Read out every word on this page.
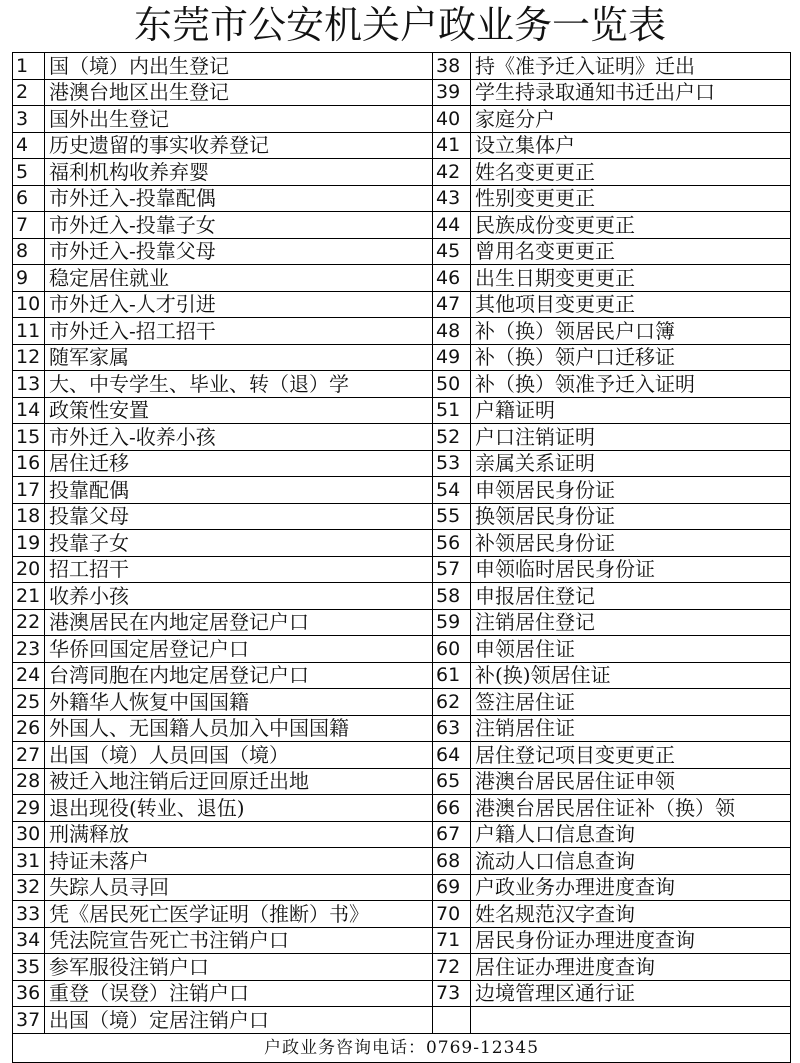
东莞市公安机关户政业务一览表
1	国（境）内出生登记	38	持《准予迁入证明》迁出
2	港澳台地区出生登记	39	学生持录取通知书迁出户口
3	国外出生登记	40	家庭分户
4	历史遗留的事实收养登记	41	设立集体户
5	福利机构收养弃婴	42	姓名变更更正
6	市外迁入-投靠配偶	43	性别变更更正
7	市外迁入-投靠子女	44	民族成份变更更正
8	市外迁入-投靠父母	45	曾用名变更更正
9	稳定居住就业	46	出生日期变更更正
10	市外迁入-人才引进	47	其他项目变更更正
11	市外迁入-招工招干	48	补（换）领居民户口簿
12	随军家属	49	补（换）领户口迁移证
13	大、中专学生、毕业、转（退）学	50	补（换）领准予迁入证明
14	政策性安置	51	户籍证明
15	市外迁入-收养小孩	52	户口注销证明
16	居住迁移	53	亲属关系证明
17	投靠配偶	54	申领居民身份证
18	投靠父母	55	换领居民身份证
19	投靠子女	56	补领居民身份证
20	招工招干	57	申领临时居民身份证
21	收养小孩	58	申报居住登记
22	港澳居民在内地定居登记户口	59	注销居住登记
23	华侨回国定居登记户口	60	申领居住证
24	台湾同胞在内地定居登记户口	61	补(换)领居住证
25	外籍华人恢复中国国籍	62	签注居住证
26	外国人、无国籍人员加入中国国籍	63	注销居住证
27	出国（境）人员回国（境）	64	居住登记项目变更更正
28	被迁入地注销后迂回原迁出地	65	港澳台居民居住证申领
29	退出现役(转业、退伍)	66	港澳台居民居住证补（换）领
30	刑满释放	67	户籍人口信息查询
31	持证未落户	68	流动人口信息查询
32	失踪人员寻回	69	户政业务办理进度查询
33	凭《居民死亡医学证明（推断）书》	70	姓名规范汉字查询
34	凭法院宣告死亡书注销户口	71	居民身份证办理进度查询
35	参军服役注销户口	72	居住证办理进度查询
36	重登（误登）注销户口	73	边境管理区通行证
37	出国（境）定居注销户口		
户政业务咨询电话：0769-12345			
